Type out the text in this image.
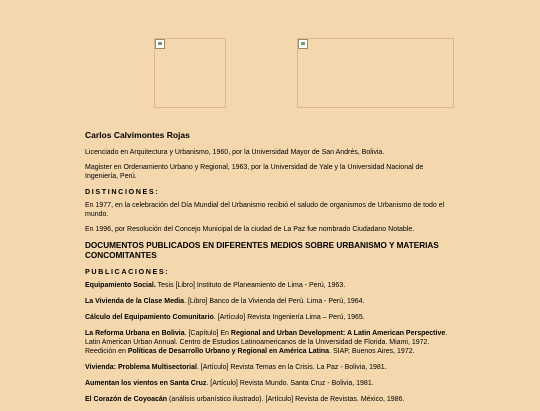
Carlos Calvimontes Rojas

Licenciado en Arquitectura y Urbanismo, 1960, por la Universidad Mayor de San Andrés, Bolivia.

Magister en Ordenamiento Urbano y Regional, 1963, por la Universidad de Yale y la Universidad Nacional de Ingeniería, Perú.

DISTINCIONES:

En 1977, en la celebración del Día Mundial del Urbanismo recibió el saludo de organismos de Urbanismo de todo el mundo.

En 1996, por Resolución del Concejo Municipal de la ciudad de La Paz fue nombrado Ciudadano Notable.

DOCUMENTOS PUBLICADOS EN DIFERENTES MEDIOS SOBRE URBANISMO Y MATERIAS CONCOMITANTES
PUBLICACIONES:

Equipamiento Social. Tesis [Libro] Instituto de Planeamiento de Lima - Perú, 1963.

La Vivienda de la Clase Media. [Libro] Banco de la Vivienda del Perú. Lima - Perú, 1964.

Cálculo del Equipamiento Comunitario. [Artículo] Revista Ingeniería Lima – Perú, 1965.

La Reforma Urbana en Bolivia. [Capítulo] En Regional and Urban Development: A Latin American Perspective. Latin American Urban Annual. Centro de Estudios Latinoamericanos de la Universidad de Florida. Miami, 1972. Reedición en Políticas de Desarrollo Urbano y Regional en América Latina. SIAP, Buenos Aires, 1972.

Vivienda: Problema Multisectorial. [Artículo] Revista Temas en la Crisis. La Paz - Bolivia, 1981.

Aumentan los vientos en Santa Cruz. [Artículo] Revista Mundo. Santa Cruz - Bolivia, 1981.

El Corazón de Coyoacán (análisis urbanístico ilustrado). [Artículo] Revista de Revistas. México, 1986.
